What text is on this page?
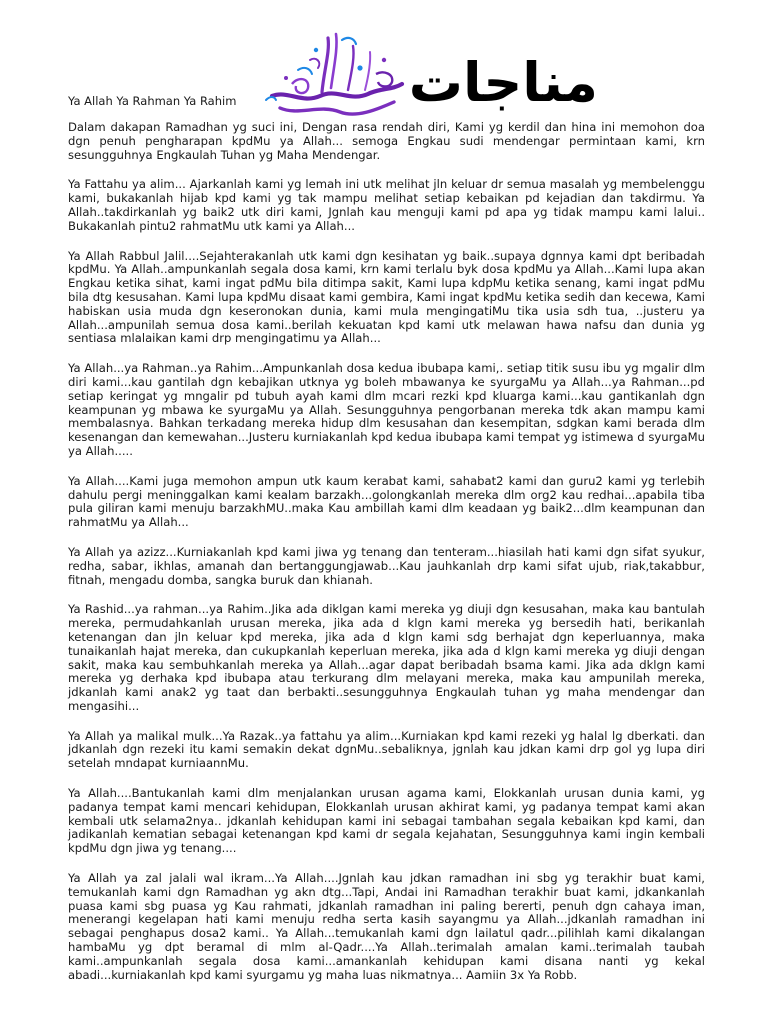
مناجات
Ya Allah Ya Rahman Ya Rahim

Dalam dakapan Ramadhan yg suci ini, Dengan rasa rendah diri, Kami yg kerdil dan hina ini memohon doa dgn penuh pengharapan kpdMu ya Allah... semoga Engkau sudi mendengar permintaan kami, krn sesungguhnya Engkaulah Tuhan yg Maha Mendengar.

Ya Fattahu ya alim... Ajarkanlah kami yg lemah ini utk melihat jln keluar dr semua masalah yg membelenggu kami, bukakanlah hijab kpd kami yg tak mampu melihat setiap kebaikan pd kejadian dan takdirmu. Ya Allah..takdirkanlah yg baik2 utk diri kami, Jgnlah kau menguji kami pd apa yg tidak mampu kami lalui.. Bukakanlah pintu2 rahmatMu utk kami ya Allah...

Ya Allah Rabbul Jalil....Sejahterakanlah utk kami dgn kesihatan yg baik..supaya dgnnya kami dpt beribadah kpdMu. Ya Allah..ampunkanlah segala dosa kami, krn kami terlalu byk dosa kpdMu ya Allah...Kami lupa akan Engkau ketika sihat, kami ingat pdMu bila ditimpa sakit, Kami lupa kdpMu ketika senang, kami ingat pdMu bila dtg kesusahan. Kami lupa kpdMu disaat kami gembira, Kami ingat kpdMu ketika sedih dan kecewa, Kami habiskan usia muda dgn keseronokan dunia, kami mula mengingatiMu tika usia sdh tua, ..justeru ya Allah...ampunilah semua dosa kami..berilah kekuatan kpd kami utk melawan hawa nafsu dan dunia yg sentiasa mlalaikan kami drp mengingatimu ya Allah...

Ya Allah...ya Rahman..ya Rahim...Ampunkanlah dosa kedua ibubapa kami,. setiap titik susu ibu yg mgalir dlm diri kami...kau gantilah dgn kebajikan utknya yg boleh mbawanya ke syurgaMu ya Allah...ya Rahman...pd setiap keringat yg mngalir pd tubuh ayah kami dlm mcari rezki kpd kluarga kami...kau gantikanlah dgn keampunan yg mbawa ke syurgaMu ya Allah. Sesungguhnya pengorbanan mereka tdk akan mampu kami membalasnya. Bahkan terkadang mereka hidup dlm kesusahan dan kesempitan, sdgkan kami berada dlm kesenangan dan kemewahan...Justeru kurniakanlah kpd kedua ibubapa kami tempat yg istimewa d syurgaMu ya Allah.....

Ya Allah....Kami juga memohon ampun utk kaum kerabat kami, sahabat2 kami dan guru2 kami yg terlebih dahulu pergi meninggalkan kami kealam barzakh...golongkanlah mereka dlm org2 kau redhai...apabila tiba pula giliran kami menuju barzakhMU..maka Kau ambillah kami dlm keadaan yg baik2...dlm keampunan dan rahmatMu ya Allah...

Ya Allah ya azizz...Kurniakanlah kpd kami jiwa yg tenang dan tenteram...hiasilah hati kami dgn sifat syukur, redha, sabar, ikhlas, amanah dan bertanggungjawab...Kau jauhkanlah drp kami sifat ujub, riak,takabbur, fitnah, mengadu domba, sangka buruk dan khianah.

Ya Rashid...ya rahman...ya Rahim..Jika ada diklgan kami mereka yg diuji dgn kesusahan, maka kau bantulah mereka, permudahkanlah urusan mereka, jika ada d klgn kami mereka yg bersedih hati, berikanlah ketenangan dan jln keluar kpd mereka, jika ada d klgn kami sdg berhajat dgn keperluannya, maka tunaikanlah hajat mereka, dan cukupkanlah keperluan mereka, jika ada d klgn kami mereka yg diuji dengan sakit, maka kau sembuhkanlah mereka ya Allah...agar dapat beribadah bsama kami. Jika ada dklgn kami mereka yg derhaka kpd ibubapa atau terkurang dlm melayani mereka, maka kau ampunilah mereka, jdkanlah kami anak2 yg taat dan berbakti..sesungguhnya Engkaulah tuhan yg maha mendengar dan mengasihi...

Ya Allah ya malikal mulk...Ya Razak..ya fattahu ya alim...Kurniakan kpd kami rezeki yg halal lg dberkati. dan jdkanlah dgn rezeki itu kami semakin dekat dgnMu..sebaliknya, jgnlah kau jdkan kami drp gol yg lupa diri setelah mndapat kurniaannMu.

Ya Allah....Bantukanlah kami dlm menjalankan urusan agama kami, Elokkanlah urusan dunia kami, yg padanya tempat kami mencari kehidupan, Elokkanlah urusan akhirat kami, yg padanya tempat kami akan kembali utk selama2nya.. jdkanlah kehidupan kami ini sebagai tambahan segala kebaikan kpd kami, dan jadikanlah kematian sebagai ketenangan kpd kami dr segala kejahatan, Sesungguhnya kami ingin kembali kpdMu dgn jiwa yg tenang....

Ya Allah ya zal jalali wal ikram...Ya Allah....Jgnlah kau jdkan ramadhan ini sbg yg terakhir buat kami, temukanlah kami dgn Ramadhan yg akn dtg...Tapi, Andai ini Ramadhan terakhir buat kami, jdkankanlah puasa kami sbg puasa yg Kau rahmati, jdkanlah ramadhan ini paling bererti, penuh dgn cahaya iman, menerangi kegelapan hati kami menuju redha serta kasih sayangmu ya Allah...jdkanlah ramadhan ini sebagai penghapus dosa2 kami.. Ya Allah...temukanlah kami dgn lailatul qadr...pilihlah kami dikalangan hambaMu yg dpt beramal di mlm al-Qadr....Ya Allah..terimalah amalan kami..terimalah taubah kami..ampunkanlah segala dosa kami...amankanlah kehidupan kami disana nanti yg kekal abadi...kurniakanlah kpd kami syurgamu yg maha luas nikmatnya... Aamiin 3x Ya Robb.
